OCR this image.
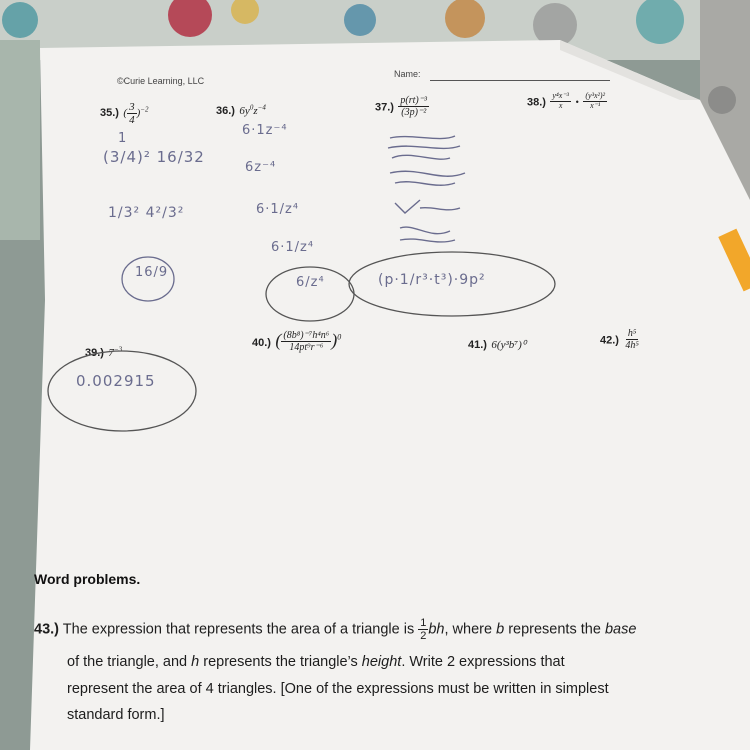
©Curie Learning, LLC
Name:
35.) ( $\frac{3}{4} )^{-2}$	36.) $6y^0z^{-4}$	$37.) \frac{\text{p(rt)⁻³}}{\text{(3p)⁻²}}$	$38.) \frac{\text{y⁴x⁻³}}{x}$ • $\frac{\text{(y³x²)²}}{\text{x⁻¹}}$
1
(3/4)² 16/32
1/3² 4²/3²
16/9
6·1z⁻⁴
6z⁻⁴
6·1/z⁴
6·1/z⁴
6/z⁴	(p·1/r³·t³)·9p²
39.) $7^{-3}$
0.002915
40.) ( $\frac{\text{(8b⁸)⁻⁷h⁴n⁶}}{\text{14pt⁹r⁻⁶}} )^0$
41.) 6(y³b⁷)⁰	$42.) \frac{\text{h⁵}}{\text{4h⁵}}$
Word problems.
43.) The expression that represents the area of a triangle is $\frac{1}{2}$ bh, where b represents the base
of the triangle, and h represents the triangle’s height. Write 2 expressions that
represent the area of 4 triangles. [One of the expressions must be written in simplest
standard form.]
